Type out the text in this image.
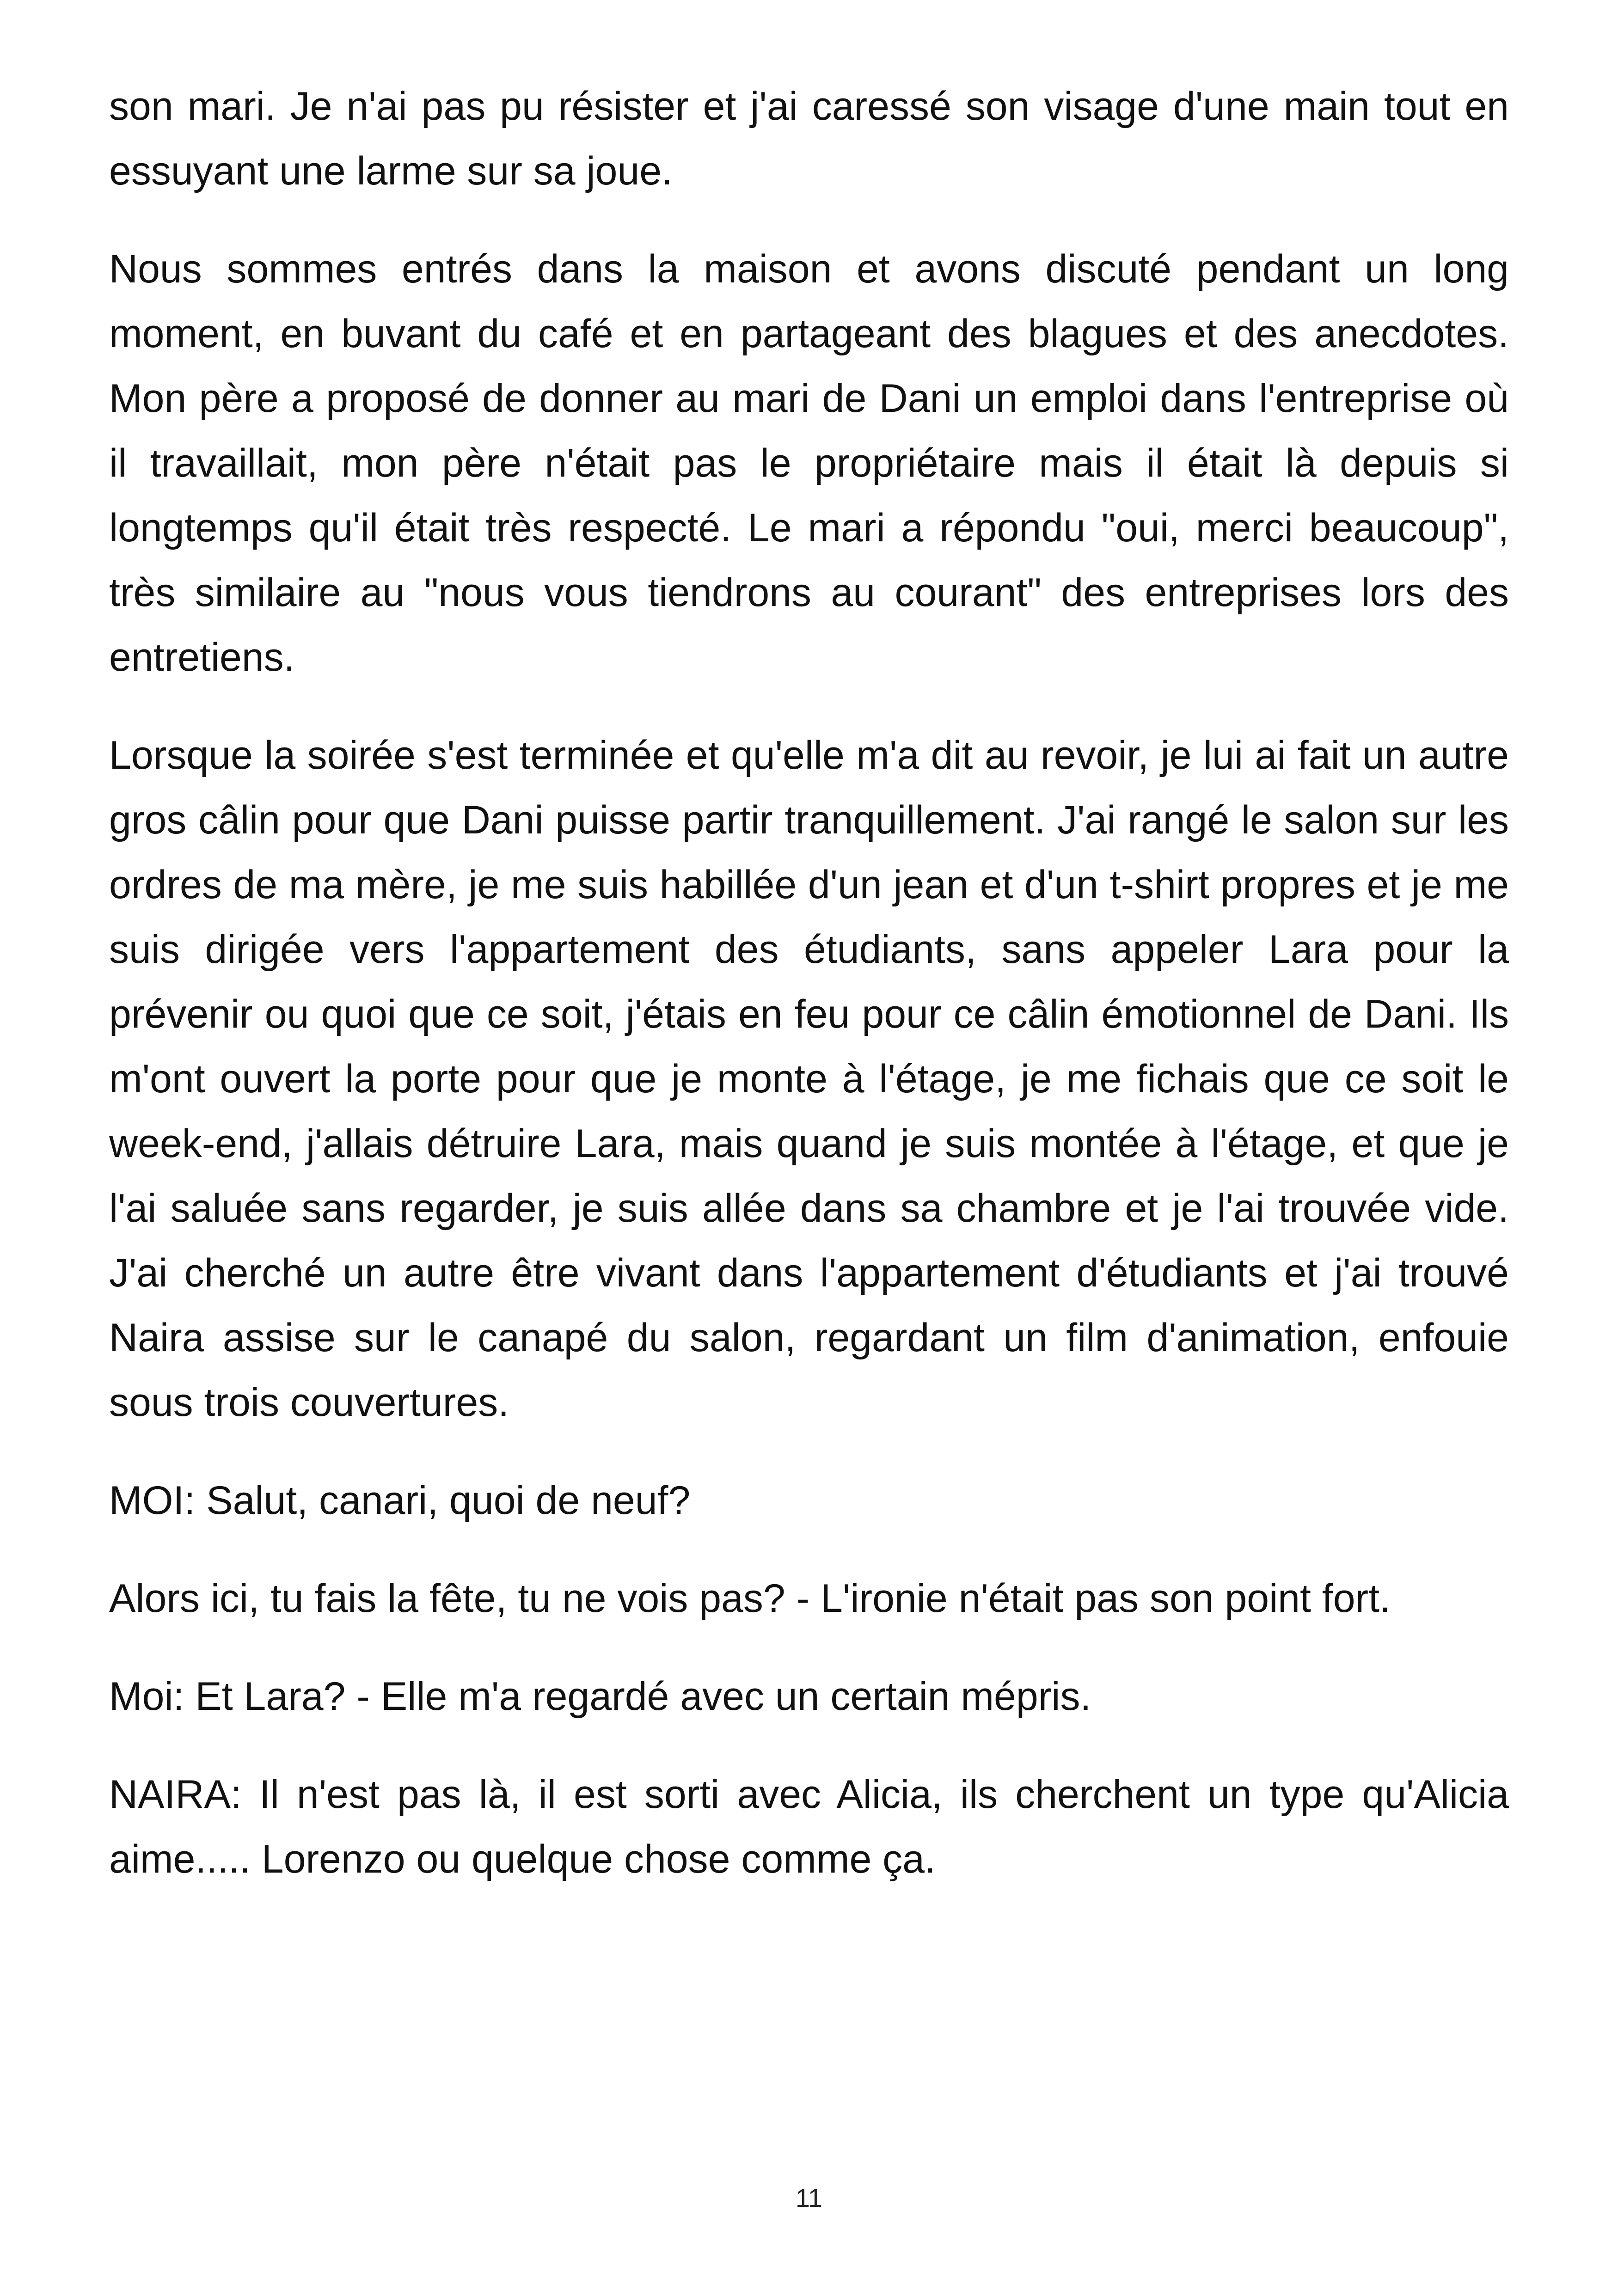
son mari. Je n'ai pas pu résister et j'ai caressé son visage d'une main tout en essuyant une larme sur sa joue.

Nous sommes entrés dans la maison et avons discuté pendant un long moment, en buvant du café et en partageant des blagues et des anecdotes. Mon père a proposé de donner au mari de Dani un emploi dans l'entreprise où il travaillait, mon père n'était pas le propriétaire mais il était là depuis si longtemps qu'il était très respecté. Le mari a répondu "oui, merci beaucoup", très similaire au "nous vous tiendrons au courant" des entreprises lors des entretiens.

Lorsque la soirée s'est terminée et qu'elle m'a dit au revoir, je lui ai fait un autre gros câlin pour que Dani puisse partir tranquillement. J'ai rangé le salon sur les ordres de ma mère, je me suis habillée d'un jean et d'un t-shirt propres et je me suis dirigée vers l'appartement des étudiants, sans appeler Lara pour la prévenir ou quoi que ce soit, j'étais en feu pour ce câlin émotionnel de Dani. Ils m'ont ouvert la porte pour que je monte à l'étage, je me fichais que ce soit le week-end, j'allais détruire Lara, mais quand je suis montée à l'étage, et que je l'ai saluée sans regarder, je suis allée dans sa chambre et je l'ai trouvée vide. J'ai cherché un autre être vivant dans l'appartement d'étudiants et j'ai trouvé Naira assise sur le canapé du salon, regardant un film d'animation, enfouie sous trois couvertures.

MOI: Salut, canari, quoi de neuf?

Alors ici, tu fais la fête, tu ne vois pas? - L'ironie n'était pas son point fort.

Moi: Et Lara? - Elle m'a regardé avec un certain mépris.

NAIRA: Il n'est pas là, il est sorti avec Alicia, ils cherchent un type qu'Alicia aime..... Lorenzo ou quelque chose comme ça.

11
